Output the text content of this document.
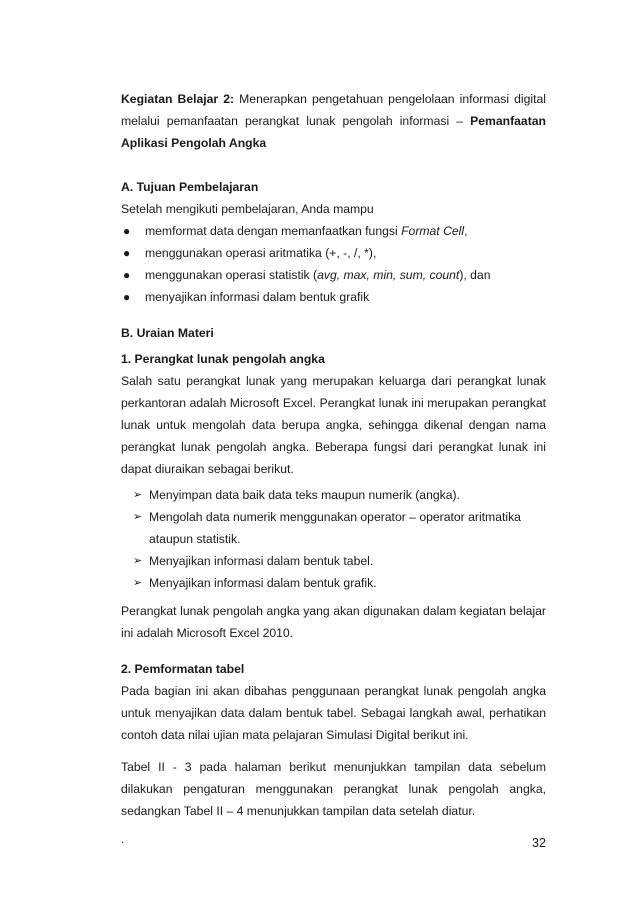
Kegiatan Belajar 2: Menerapkan pengetahuan pengelolaan informasi digital melalui pemanfaatan perangkat lunak pengolah informasi – Pemanfaatan Aplikasi Pengolah Angka

A. Tujuan Pembelajaran

Setelah mengikuti pembelajaran, Anda mampu

● memformat data dengan memanfaatkan fungsi Format Cell,
● menggunakan operasi aritmatika (+, -, /, *),
● menggunakan operasi statistik (avg, max, min, sum, count), dan
● menyajikan informasi dalam bentuk grafik

B. Uraian Materi

1. Perangkat lunak pengolah angka

Salah satu perangkat lunak yang merupakan keluarga dari perangkat lunak perkantoran adalah Microsoft Excel. Perangkat lunak ini merupakan perangkat lunak untuk mengolah data berupa angka, sehingga dikenal dengan nama perangkat lunak pengolah angka. Beberapa fungsi dari perangkat lunak ini dapat diuraikan sebagai berikut.

➢ Menyimpan data baik data teks maupun numerik (angka).
➢ Mengolah data numerik menggunakan operator – operator aritmatika ataupun statistik.
➢ Menyajikan informasi dalam bentuk tabel.
➢ Menyajikan informasi dalam bentuk grafik.

Perangkat lunak pengolah angka yang akan digunakan dalam kegiatan belajar ini adalah Microsoft Excel 2010.

2. Pemformatan tabel

Pada bagian ini akan dibahas penggunaan perangkat lunak pengolah angka untuk menyajikan data dalam bentuk tabel. Sebagai langkah awal, perhatikan contoh data nilai ujian mata pelajaran Simulasi Digital berikut ini.

Tabel II - 3 pada halaman berikut menunjukkan tampilan data sebelum dilakukan pengaturan menggunakan perangkat lunak pengolah angka, sedangkan Tabel II – 4 menunjukkan tampilan data setelah diatur.

.	32
